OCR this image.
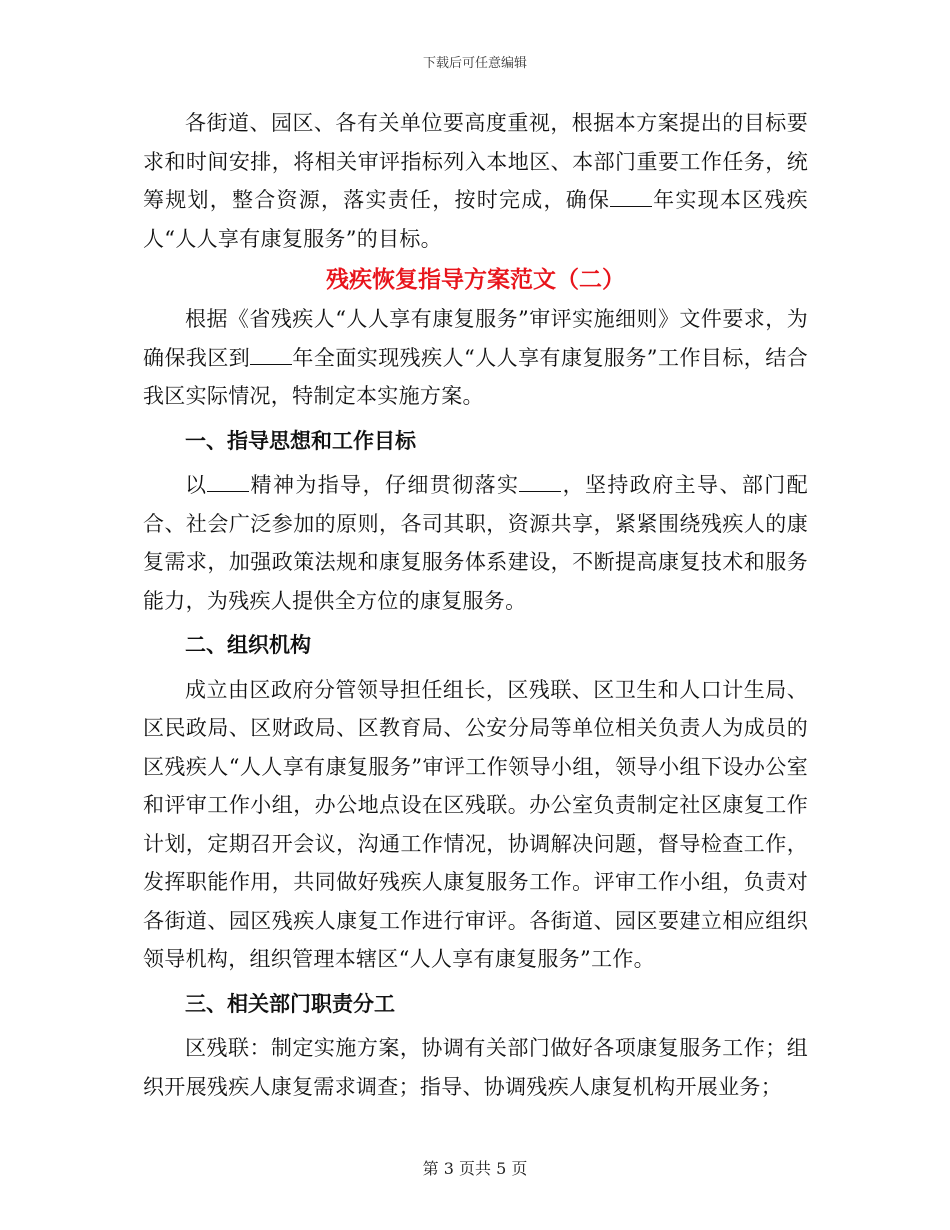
下载后可任意编辑

各街道、园区、各有关单位要高度重视，根据本方案提出的目标要求和时间安排，将相关审评指标列入本地区、本部门重要工作任务，统筹规划，整合资源，落实责任，按时完成，确保 年实现本区残疾人“人人享有康复服务”的目标。

残疾恢复指导方案范文（二）

根据《省残疾人“人人享有康复服务”审评实施细则》文件要求，为确保我区到 年全面实现残疾人“人人享有康复服务”工作目标，结合我区实际情况，特制定本实施方案。

一、指导思想和工作目标

以 精神为指导，仔细贯彻落实 ，坚持政府主导、部门配合、社会广泛参加的原则，各司其职，资源共享，紧紧围绕残疾人的康复需求，加强政策法规和康复服务体系建设，不断提高康复技术和服务能力，为残疾人提供全方位的康复服务。

二、组织机构

成立由区政府分管领导担任组长，区残联、区卫生和人口计生局、区民政局、区财政局、区教育局、公安分局等单位相关负责人为成员的区残疾人“人人享有康复服务”审评工作领导小组，领导小组下设办公室和评审工作小组，办公地点设在区残联。办公室负责制定社区康复工作计划，定期召开会议，沟通工作情况，协调解决问题，督导检查工作，发挥职能作用，共同做好残疾人康复服务工作。评审工作小组，负责对各街道、园区残疾人康复工作进行审评。各街道、园区要建立相应组织领导机构，组织管理本辖区“人人享有康复服务”工作。

三、相关部门职责分工

区残联：制定实施方案，协调有关部门做好各项康复服务工作；组织开展残疾人康复需求调查；指导、协调残疾人康复机构开展业务；

第 3 页共 5 页
